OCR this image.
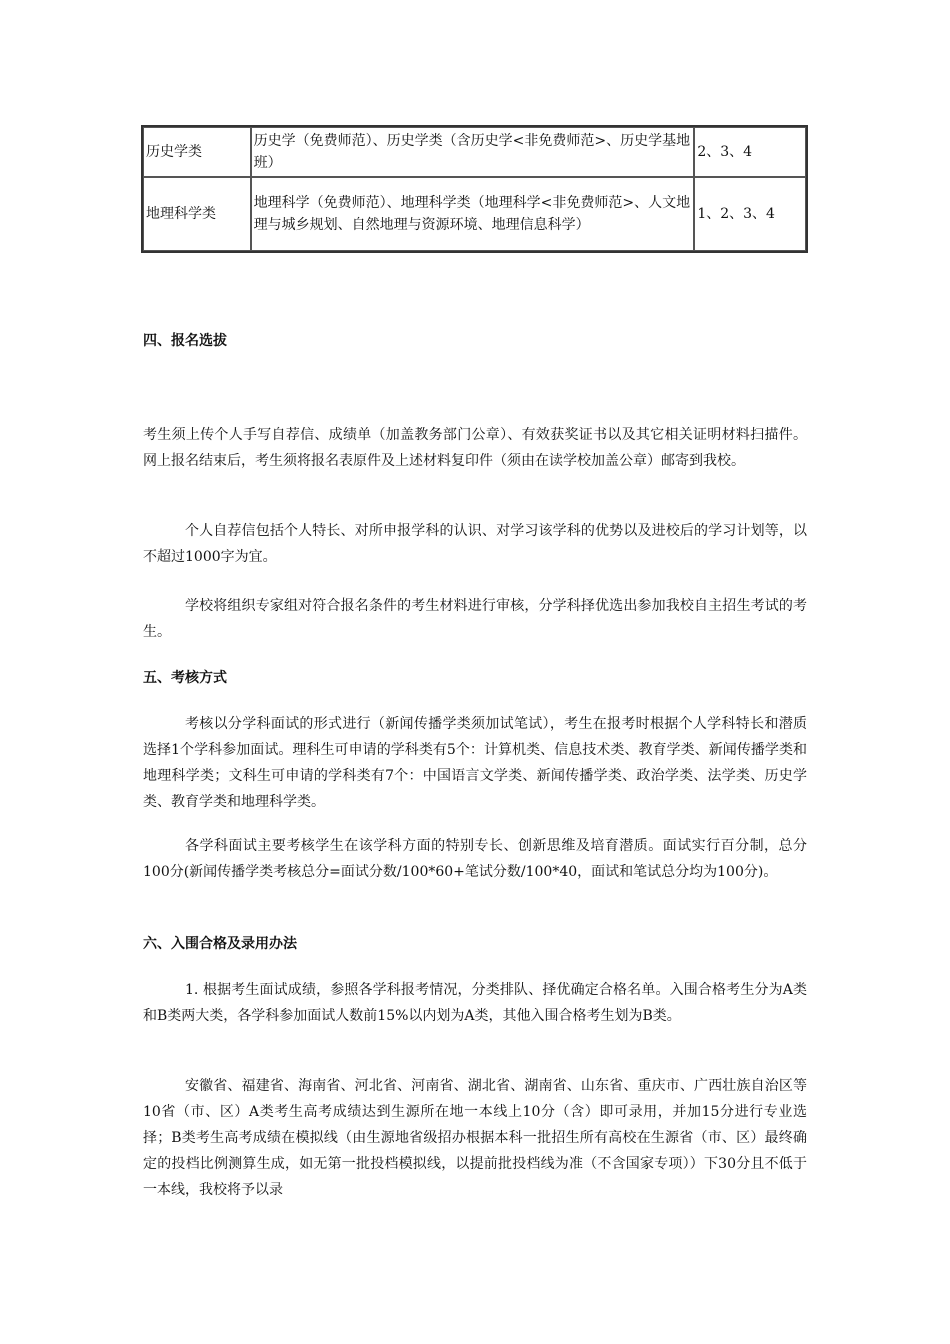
历史学类	历史学（免费师范）、历史学类（含历史学<非免费师范>、历史学基地班）	2、3、4
地理科学类	地理科学（免费师范）、地理科学类（地理科学<非免费师范>、人文地理与城乡规划、自然地理与资源环境、地理信息科学）	1、2、3、4
四、报名选拔
考生须上传个人手写自荐信、成绩单（加盖教务部门公章）、有效获奖证书以及其它相关证明材料扫描件。网上报名结束后，考生须将报名表原件及上述材料复印件（须由在读学校加盖公章）邮寄到我校。
个人自荐信包括个人特长、对所申报学科的认识、对学习该学科的优势以及进校后的学习计划等，以不超过1000字为宜。
学校将组织专家组对符合报名条件的考生材料进行审核，分学科择优选出参加我校自主招生考试的考生。
五、考核方式
考核以分学科面试的形式进行（新闻传播学类须加试笔试），考生在报考时根据个人学科特长和潜质选择1个学科参加面试。理科生可申请的学科类有5个：计算机类、信息技术类、教育学类、新闻传播学类和地理科学类；文科生可申请的学科类有7个：中国语言文学类、新闻传播学类、政治学类、法学类、历史学类、教育学类和地理科学类。
各学科面试主要考核学生在该学科方面的特别专长、创新思维及培育潜质。面试实行百分制，总分100分(新闻传播学类考核总分=面试分数/100*60+笔试分数/100*40，面试和笔试总分均为100分)。
六、入围合格及录用办法
1. 根据考生面试成绩，参照各学科报考情况，分类排队、择优确定合格名单。入围合格考生分为A类和B类两大类，各学科参加面试人数前15%以内划为A类，其他入围合格考生划为B类。
安徽省、福建省、海南省、河北省、河南省、湖北省、湖南省、山东省、重庆市、广西壮族自治区等10省（市、区）A类考生高考成绩达到生源所在地一本线上10分（含）即可录用，并加15分进行专业选择；B类考生高考成绩在模拟线（由生源地省级招办根据本科一批招生所有高校在生源省（市、区）最终确定的投档比例测算生成，如无第一批投档模拟线，以提前批投档线为准（不含国家专项））下30分且不低于一本线，我校将予以录
